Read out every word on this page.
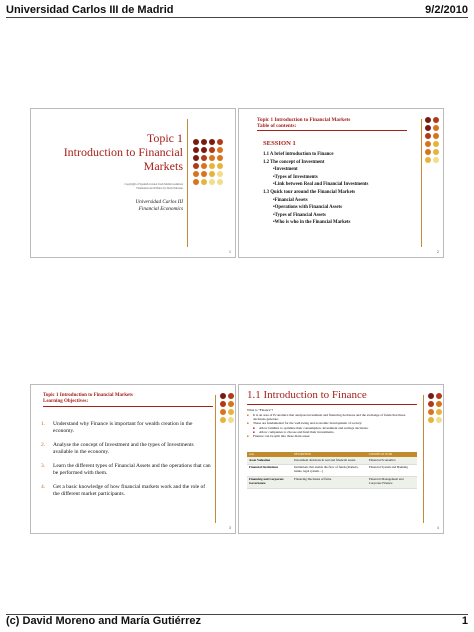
Universidad Carlos III de Madrid	9/2/2010
Topic 1
Introduction to Financial
Markets
Copyright of Spanish version from Martin Gutiérrez
Translation and Edition by David Moreno
Universidad Carlos III
Financial Economics
1
Topic 1 Introduction to Financial Markets
Table of contents:
SESSION 1
1.1 A brief introduction to Finance
1.2 The concept of Investment
•Investment
•Types of Investments
•Link between Real and Financial Investments
1.3 Quick tour around the Financial Markets
•Financial Assets
•Operations with Financial Assets
•Types of Financial Assets
•Who is who in the Financial Markets
2
Topic 1 Introduction to Financial Markets
Learning Objectives:
1. Understand why Finance is important for wealth creation in the economy.
2. Analyse the concept of Investment and the types of Investments available in the economy.
3. Learn the different types of Financial Assets and the operations that can be performed with them.
4. Get a basic knowledge of how financial markets work and the role of the different market participants.
3
1.1 Introduction to Finance
What is "Finance"?
■ It is an area of Economics that analyses investment and financing decisions and the exchange of funds that these decisions generate.
■ These are fundamental for the well-being and economic development of society:
■ Allow families to optimize their consumption, investment and savings decisions.
■ Allow companies to choose and fund their investments.
■ Finance can be split into three main areas:
Area	DESCRIPTION	COURSES AT UC3M
Asset Valuation	Investment decisions in real and financial assets.	Financial Economics
Financial Institutions	Institutions that enable the flow of funds (markets, banks, legal system…)	Financial System and Banking
Financing and Corporate Governance	Financing Decisions of firms.	Financial Management and Corporate Finance
4
(c) David Moreno and María Gutiérrez	1
